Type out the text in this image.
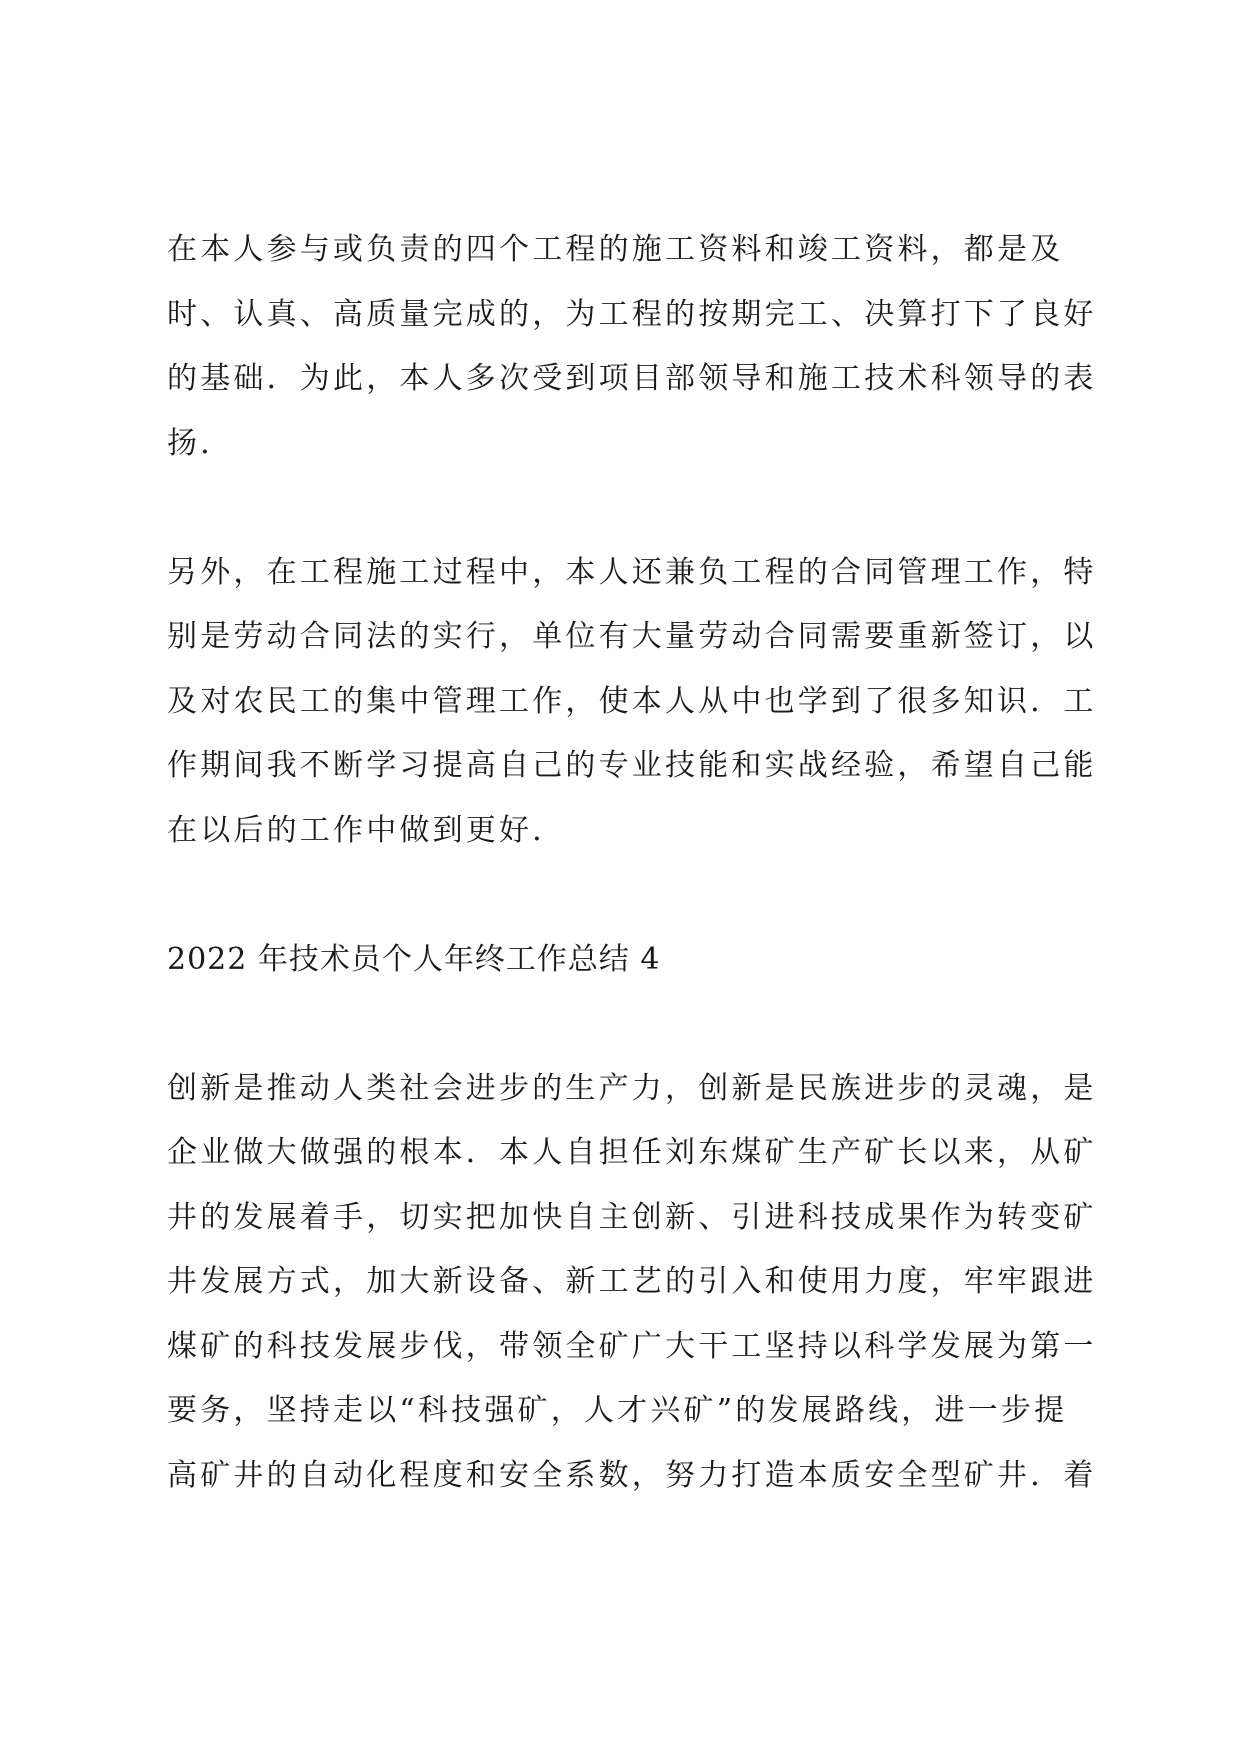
在本人参与或负责的四个工程的施工资料和竣工资料，都是及
时、认真、高质量完成的，为工程的按期完工、决算打下了良好
的基础．为此，本人多次受到项目部领导和施工技术科领导的表
扬．
另外，在工程施工过程中，本人还兼负工程的合同管理工作，特
别是劳动合同法的实行，单位有大量劳动合同需要重新签订，以
及对农民工的集中管理工作，使本人从中也学到了很多知识．工
作期间我不断学习提高自己的专业技能和实战经验，希望自己能
在以后的工作中做到更好．
2022 年技术员个人年终工作总结 4
创新是推动人类社会进步的生产力，创新是民族进步的灵魂，是
企业做大做强的根本．本人自担任刘东煤矿生产矿长以来，从矿
井的发展着手，切实把加快自主创新、引进科技成果作为转变矿
井发展方式，加大新设备、新工艺的引入和使用力度，牢牢跟进
煤矿的科技发展步伐，带领全矿广大干工坚持以科学发展为第一
要务，坚持走以“科技强矿，人才兴矿”的发展路线，进一步提
高矿井的自动化程度和安全系数，努力打造本质安全型矿井．着
